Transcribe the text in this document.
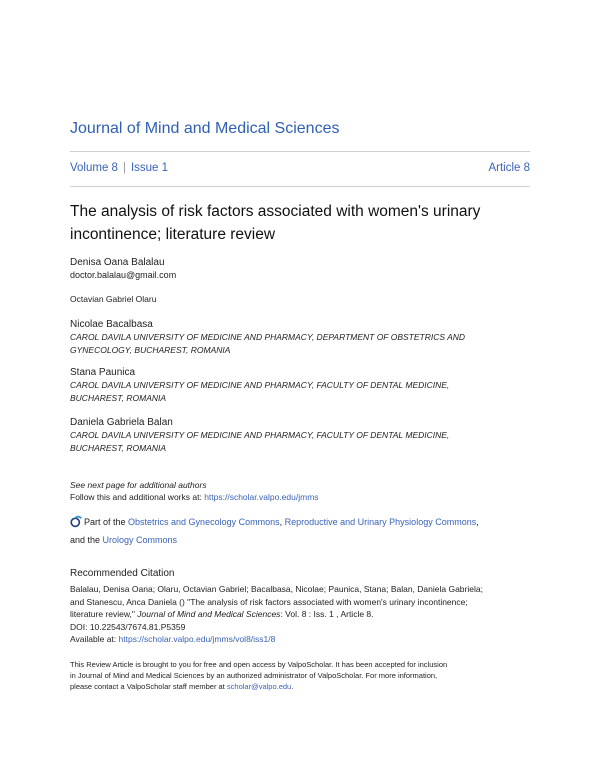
Journal of Mind and Medical Sciences
Volume 8 | Issue 1	Article 8
The analysis of risk factors associated with women's urinary
incontinence; literature review
Denisa Oana Balalau
doctor.balalau@gmail.com
Octavian Gabriel Olaru
Nicolae Bacalbasa
CAROL DAVILA UNIVERSITY OF MEDICINE AND PHARMACY, DEPARTMENT OF OBSTETRICS AND
GYNECOLOGY, BUCHAREST, ROMANIA
Stana Paunica
CAROL DAVILA UNIVERSITY OF MEDICINE AND PHARMACY, FACULTY OF DENTAL MEDICINE,
BUCHAREST, ROMANIA
Daniela Gabriela Balan
CAROL DAVILA UNIVERSITY OF MEDICINE AND PHARMACY, FACULTY OF DENTAL MEDICINE,
BUCHAREST, ROMANIA
See next page for additional authors
Follow this and additional works at: https://scholar.valpo.edu/jmms
Part of the Obstetrics and Gynecology Commons, Reproductive and Urinary Physiology Commons,
and the Urology Commons
Recommended Citation
Balalau, Denisa Oana; Olaru, Octavian Gabriel; Bacalbasa, Nicolae; Paunica, Stana; Balan, Daniela Gabriela;
and Stanescu, Anca Daniela () "The analysis of risk factors associated with women's urinary incontinence;
literature review," Journal of Mind and Medical Sciences: Vol. 8 : Iss. 1 , Article 8.
DOI: 10.22543/7674.81.P5359
Available at: https://scholar.valpo.edu/jmms/vol8/iss1/8
This Review Article is brought to you for free and open access by ValpoScholar. It has been accepted for inclusion
in Journal of Mind and Medical Sciences by an authorized administrator of ValpoScholar. For more information,
please contact a ValpoScholar staff member at scholar@valpo.edu.
